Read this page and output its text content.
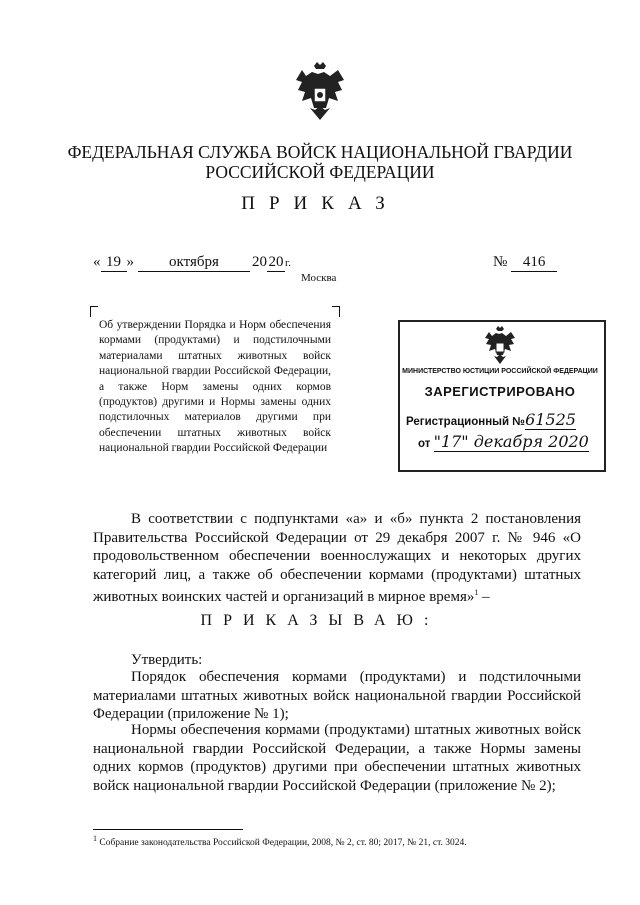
ФЕДЕРАЛЬНАЯ СЛУЖБА ВОЙСК НАЦИОНАЛЬНОЙ ГВАРДИИ
РОССИЙСКОЙ ФЕДЕРАЦИИ
ПРИКАЗ
« 19 »	октября	20 20 г.	№ 416
Москва
Об утверждении Порядка и Норм обеспечения кормами (продуктами) и подстилочными материалами штатных животных войск национальной гвардии Российской Федерации, а также Норм замены одних кормов (продуктов) другими и Нормы замены одних подстилочных материалов другими при обеспечении штатных животных войск национальной гвардии Российской Федерации
МИНИСТЕРСТВО ЮСТИЦИИ РОССИЙСКОЙ ФЕДЕРАЦИИ
ЗАРЕГИСТРИРОВАНО
Регистрационный №61525
от "17" декабря 2020
В соответствии с подпунктами «а» и «б» пункта 2 постановления Правительства Российской Федерации от 29 декабря 2007 г. № 946 «О продовольственном обеспечении военнослужащих и некоторых других категорий лиц, а также об обеспечении кормами (продуктами) штатных животных воинских частей и организаций в мирное время»$^1$ –
ПРИКАЗЫВАЮ:
Утвердить:
Порядок обеспечения кормами (продуктами) и подстилочными материалами штатных животных войск национальной гвардии Российской Федерации (приложение № 1);
Нормы обеспечения кормами (продуктами) штатных животных войск национальной гвардии Российской Федерации, а также Нормы замены одних кормов (продуктов) другими при обеспечении штатных животных войск национальной гвардии Российской Федерации (приложение № 2);
$^1$ Собрание законодательства Российской Федерации, 2008, № 2, ст. 80; 2017, № 21, ст. 3024.
